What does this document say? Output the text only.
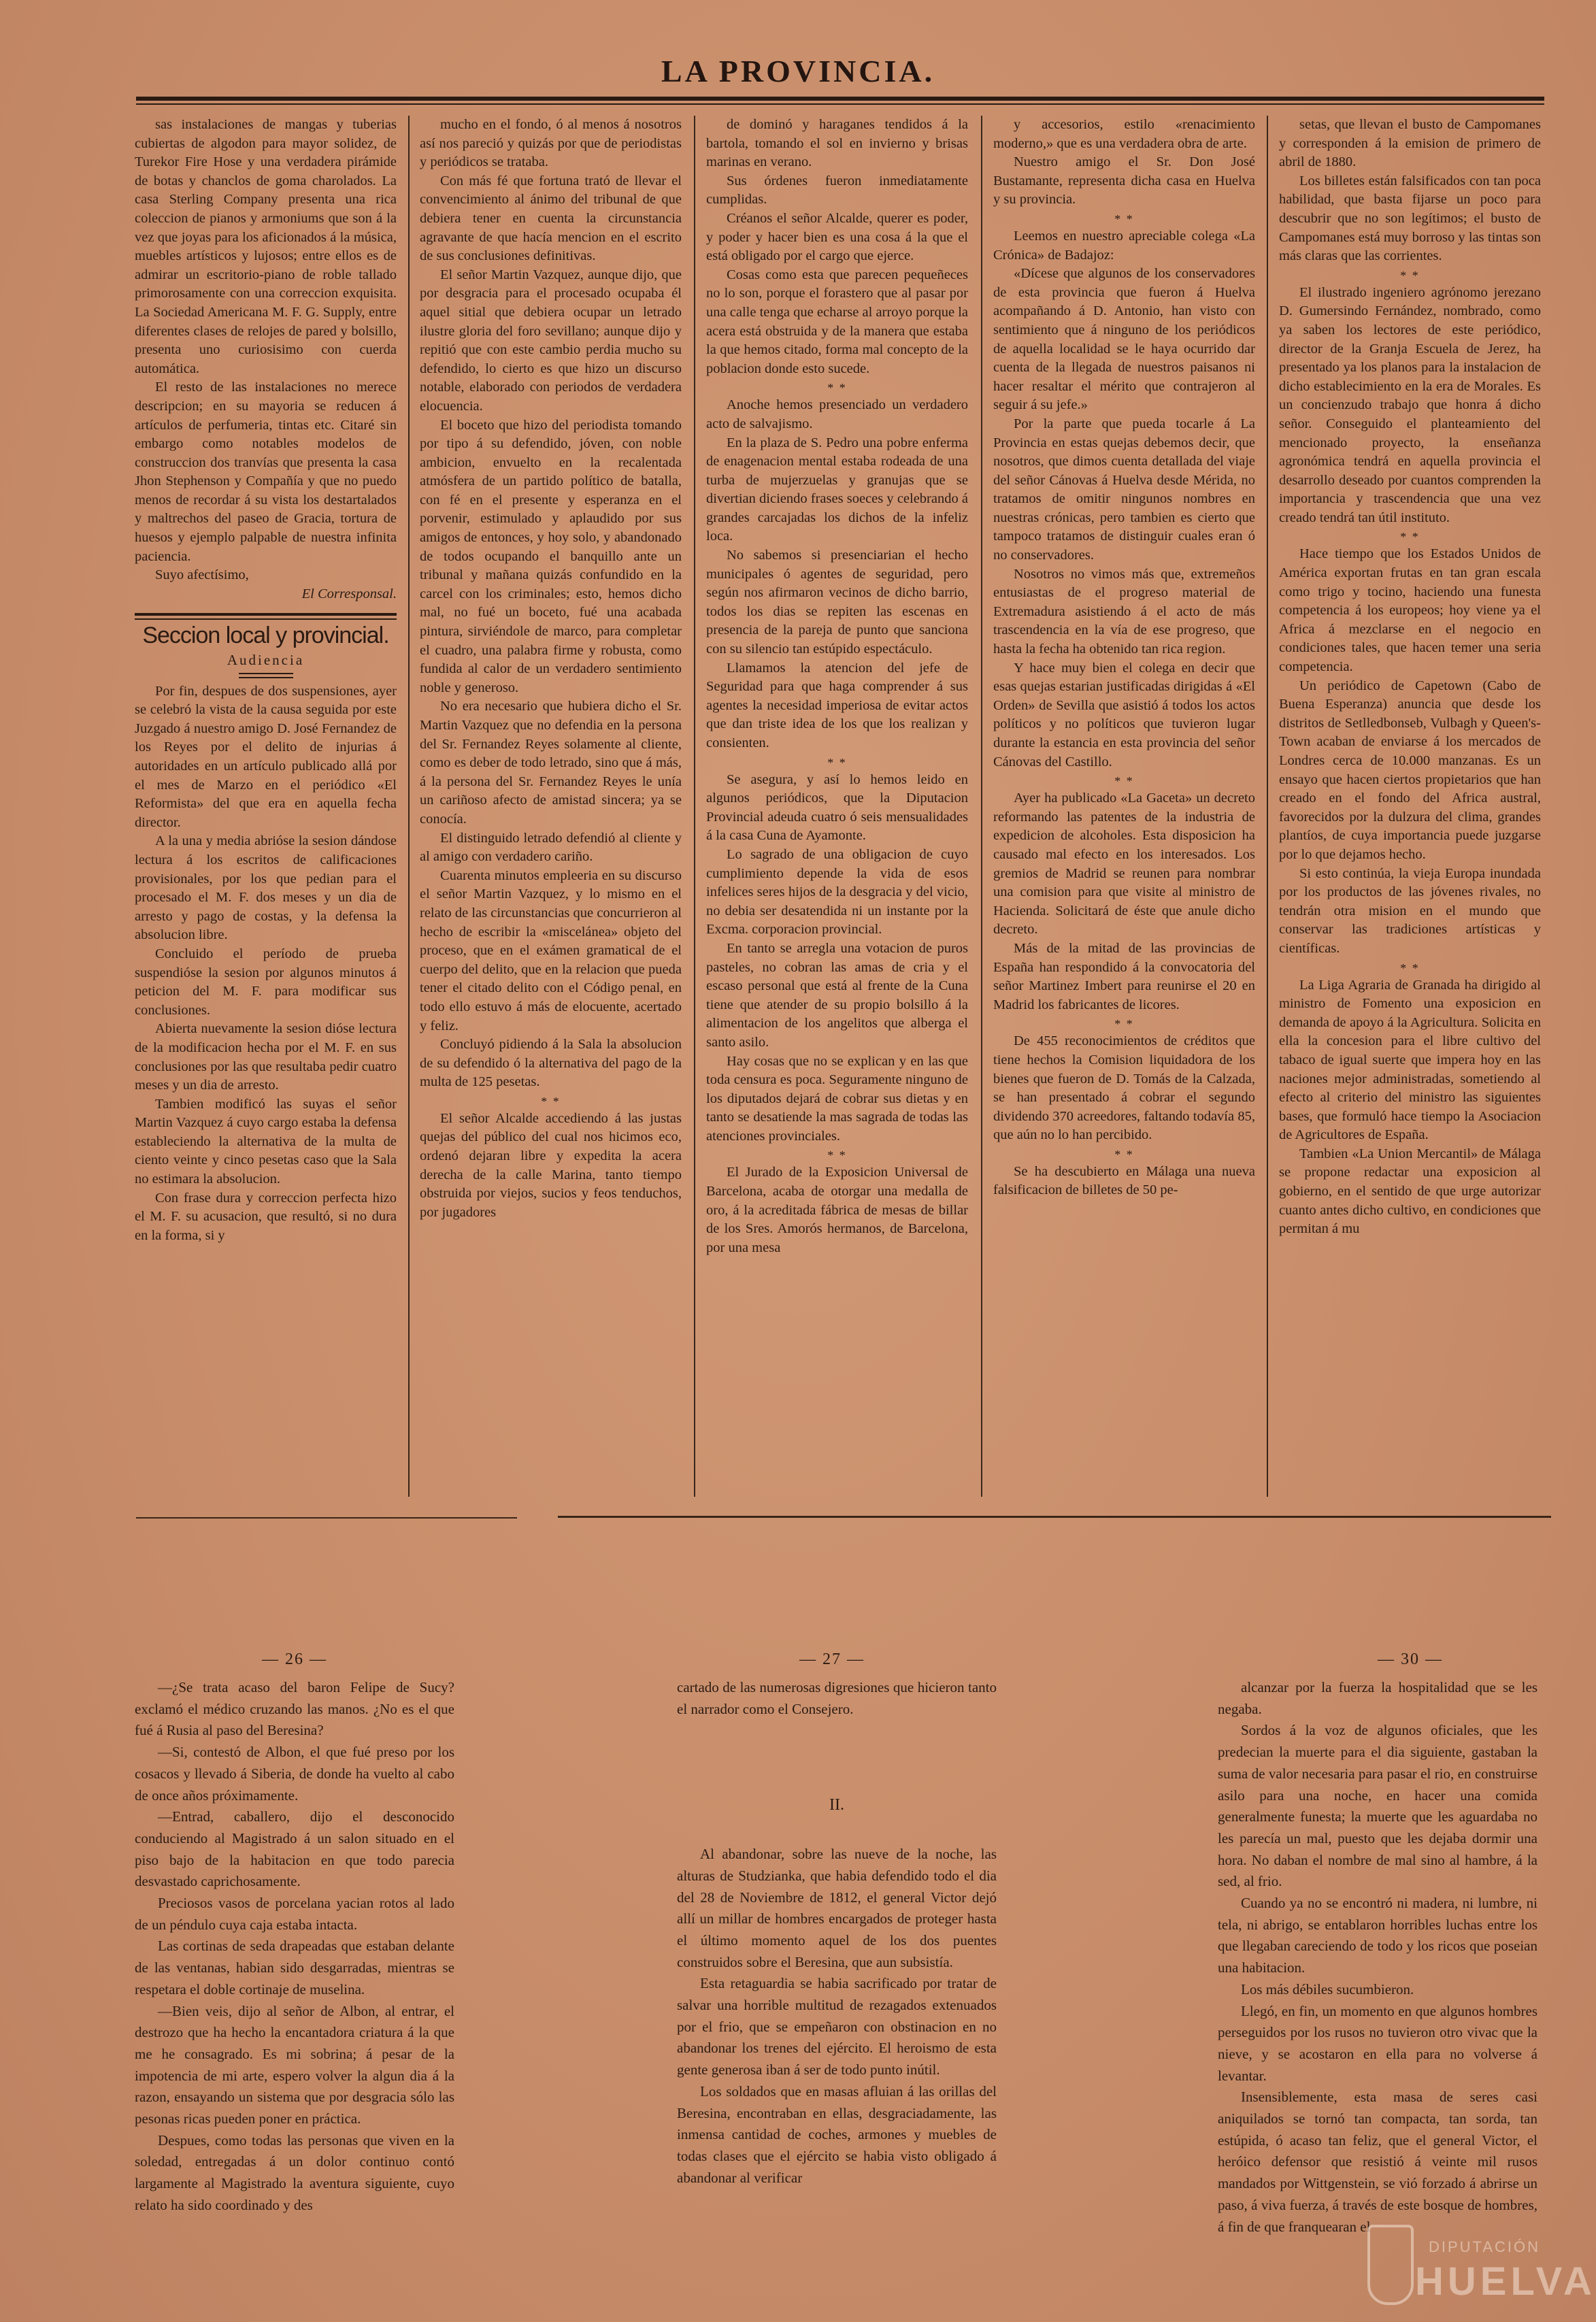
LA PROVINCIA.

sas instalaciones de mangas y tuberias cubiertas de algodon para mayor solidez, de Turekor Fire Hose y una verdadera pirámide de botas y chanclos de goma charolados. La casa Sterling Company presenta una rica coleccion de pianos y armoniums que son á la vez que joyas para los aficionados á la música, muebles artísticos y lujosos; entre ellos es de admirar un escritorio-piano de roble tallado primorosamente con una correccion exquisita. La Sociedad Americana M. F. G. Supply, entre diferentes clases de relojes de pared y bolsillo, presenta uno curiosisimo con cuerda automática.

El resto de las instalaciones no merece descripcion; en su mayoria se reducen á artículos de perfumeria, tintas etc. Citaré sin embargo como notables modelos de construccion dos tranvías que presenta la casa Jhon Stephenson y Compañía y que no puedo menos de recordar á su vista los destartalados y maltrechos del paseo de Gracia, tortura de huesos y ejemplo palpable de nuestra infinita paciencia.

Suyo afectísimo,

El Corresponsal.

Seccion local y provincial.

Audiencia

Por fin, despues de dos suspensiones, ayer se celebró la vista de la causa seguida por este Juzgado á nuestro amigo D. José Fernandez de los Reyes por el delito de injurias á autoridades en un artículo publicado allá por el mes de Marzo en el periódico «El Reformista» del que era en aquella fecha director.

A la una y media abrióse la sesion dándose lectura á los escritos de calificaciones provisionales, por los que pedian para el procesado el M. F. dos meses y un dia de arresto y pago de costas, y la defensa la absolucion libre.

Concluido el período de prueba suspendióse la sesion por algunos minutos á peticion del M. F. para modificar sus conclusiones.

Abierta nuevamente la sesion dióse lectura de la modificacion hecha por el M. F. en sus conclusiones por las que resultaba pedir cuatro meses y un dia de arresto.

Tambien modificó las suyas el señor Martin Vazquez á cuyo cargo estaba la defensa estableciendo la alternativa de la multa de ciento veinte y cinco pesetas caso que la Sala no estimara la absolucion.

Con frase dura y correccion perfecta hizo el M. F. su acusacion, que resultó, si no dura en la forma, si y

mucho en el fondo, ó al menos á nosotros así nos pareció y quizás por que de periodistas y periódicos se trataba.

Con más fé que fortuna trató de llevar el convencimiento al ánimo del tribunal de que debiera tener en cuenta la circunstancia agravante de que hacía mencion en el escrito de sus conclusiones definitivas.

El señor Martin Vazquez, aunque dijo, que por desgracia para el procesado ocupaba él aquel sitial que debiera ocupar un letrado ilustre gloria del foro sevillano; aunque dijo y repitió que con este cambio perdia mucho su defendido, lo cierto es que hizo un discurso notable, elaborado con periodos de verdadera elocuencia.

El boceto que hizo del periodista tomando por tipo á su defendido, jóven, con noble ambicion, envuelto en la recalentada atmósfera de un partido político de batalla, con fé en el presente y esperanza en el porvenir, estimulado y aplaudido por sus amigos de entonces, y hoy solo, y abandonado de todos ocupando el banquillo ante un tribunal y mañana quizás confundido en la carcel con los criminales; esto, hemos dicho mal, no fué un boceto, fué una acabada pintura, sirviéndole de marco, para completar el cuadro, una palabra firme y robusta, como fundida al calor de un verdadero sentimiento noble y generoso.

No era necesario que hubiera dicho el Sr. Martin Vazquez que no defendia en la persona del Sr. Fernandez Reyes solamente al cliente, como es deber de todo letrado, sino que á más, á la persona del Sr. Fernandez Reyes le unía un cariñoso afecto de amistad sincera; ya se conocía.

El distinguido letrado defendió al cliente y al amigo con verdadero cariño.

Cuarenta minutos empleeria en su discurso el señor Martin Vazquez, y lo mismo en el relato de las circunstancias que concurrieron al hecho de escribir la «miscelánea» objeto del proceso, que en el exámen gramatical de el cuerpo del delito, que en la relacion que pueda tener el citado delito con el Código penal, en todo ello estuvo á más de elocuente, acertado y feliz.

Concluyó pidiendo á la Sala la absolucion de su defendido ó la alternativa del pago de la multa de 125 pesetas.

* *

El señor Alcalde accediendo á las justas quejas del público del cual nos hicimos eco, ordenó dejaran libre y expedita la acera derecha de la calle Marina, tanto tiempo obstruida por viejos, sucios y feos tenduchos, por jugadores

de dominó y haraganes tendidos á la bartola, tomando el sol en invierno y brisas marinas en verano.

Sus órdenes fueron inmediatamente cumplidas.

Créanos el señor Alcalde, querer es poder, y poder y hacer bien es una cosa á la que el está obligado por el cargo que ejerce.

Cosas como esta que parecen pequeñeces no lo son, porque el forastero que al pasar por una calle tenga que echarse al arroyo porque la acera está obstruida y de la manera que estaba la que hemos citado, forma mal concepto de la poblacion donde esto sucede.

* *

Anoche hemos presenciado un verdadero acto de salvajismo.

En la plaza de S. Pedro una pobre enferma de enagenacion mental estaba rodeada de una turba de mujerzuelas y granujas que se divertian diciendo frases soeces y celebrando á grandes carcajadas los dichos de la infeliz loca.

No sabemos si presenciarian el hecho municipales ó agentes de seguridad, pero según nos afirmaron vecinos de dicho barrio, todos los dias se repiten las escenas en presencia de la pareja de punto que sanciona con su silencio tan estúpido espectáculo.

Llamamos la atencion del jefe de Seguridad para que haga comprender á sus agentes la necesidad imperiosa de evitar actos que dan triste idea de los que los realizan y consienten.

* *

Se asegura, y así lo hemos leido en algunos periódicos, que la Diputacion Provincial adeuda cuatro ó seis mensualidades á la casa Cuna de Ayamonte.

Lo sagrado de una obligacion de cuyo cumplimiento depende la vida de esos infelices seres hijos de la desgracia y del vicio, no debia ser desatendida ni un instante por la Excma. corporacion provincial.

En tanto se arregla una votacion de puros pasteles, no cobran las amas de cria y el escaso personal que está al frente de la Cuna tiene que atender de su propio bolsillo á la alimentacion de los angelitos que alberga el santo asilo.

Hay cosas que no se explican y en las que toda censura es poca. Seguramente ninguno de los diputados dejará de cobrar sus dietas y en tanto se desatiende la mas sagrada de todas las atenciones provinciales.

* *

El Jurado de la Exposicion Universal de Barcelona, acaba de otorgar una medalla de oro, á la acreditada fábrica de mesas de billar de los Sres. Amorós hermanos, de Barcelona, por una mesa

y accesorios, estilo «renacimiento moderno,» que es una verdadera obra de arte.

Nuestro amigo el Sr. Don José Bustamante, representa dicha casa en Huelva y su provincia.

* *

Leemos en nuestro apreciable colega «La Crónica» de Badajoz:

«Dícese que algunos de los conservadores de esta provincia que fueron á Huelva acompañando á D. Antonio, han visto con sentimiento que á ninguno de los periódicos de aquella localidad se le haya ocurrido dar cuenta de la llegada de nuestros paisanos ni hacer resaltar el mérito que contrajeron al seguir á su jefe.»

Por la parte que pueda tocarle á La Provincia en estas quejas debemos decir, que nosotros, que dimos cuenta detallada del viaje del señor Cánovas á Huelva desde Mérida, no tratamos de omitir ningunos nombres en nuestras crónicas, pero tambien es cierto que tampoco tratamos de distinguir cuales eran ó no conservadores.

Nosotros no vimos más que, extremeños entusiastas de el progreso material de Extremadura asistiendo á el acto de más trascendencia en la vía de ese progreso, que hasta la fecha ha obtenido tan rica region.

Y hace muy bien el colega en decir que esas quejas estarian justificadas dirigidas á «El Orden» de Sevilla que asistió á todos los actos políticos y no políticos que tuvieron lugar durante la estancia en esta provincia del señor Cánovas del Castillo.

* *

Ayer ha publicado «La Gaceta» un decreto reformando las patentes de la industria de expedicion de alcoholes. Esta disposicion ha causado mal efecto en los interesados. Los gremios de Madrid se reunen para nombrar una comision para que visite al ministro de Hacienda. Solicitará de éste que anule dicho decreto.

Más de la mitad de las provincias de España han respondido á la convocatoria del señor Martinez Imbert para reunirse el 20 en Madrid los fabricantes de licores.

* *

De 455 reconocimientos de créditos que tiene hechos la Comision liquidadora de los bienes que fueron de D. Tomás de la Calzada, se han presentado á cobrar el segundo dividendo 370 acreedores, faltando todavía 85, que aún no lo han percibido.

* *

Se ha descubierto en Málaga una nueva falsificacion de billetes de 50 pe-

setas, que llevan el busto de Campomanes y corresponden á la emision de primero de abril de 1880.

Los billetes están falsificados con tan poca habilidad, que basta fijarse un poco para descubrir que no son legítimos; el busto de Campomanes está muy borroso y las tintas son más claras que las corrientes.

* *

El ilustrado ingeniero agrónomo jerezano D. Gumersindo Fernández, nombrado, como ya saben los lectores de este periódico, director de la Granja Escuela de Jerez, ha presentado ya los planos para la instalacion de dicho establecimiento en la era de Morales. Es un concienzudo trabajo que honra á dicho señor. Conseguido el planteamiento del mencionado proyecto, la enseñanza agronómica tendrá en aquella provincia el desarrollo deseado por cuantos comprenden la importancia y trascendencia que una vez creado tendrá tan útil instituto.

* *

Hace tiempo que los Estados Unidos de América exportan frutas en tan gran escala como trigo y tocino, haciendo una funesta competencia á los europeos; hoy viene ya el Africa á mezclarse en el negocio en condiciones tales, que hacen temer una seria competencia.

Un periódico de Capetown (Cabo de Buena Esperanza) anuncia que desde los distritos de Setlledbonseb, Vulbagh y Queen's-Town acaban de enviarse á los mercados de Londres cerca de 10.000 manzanas. Es un ensayo que hacen ciertos propietarios que han creado en el fondo del Africa austral, favorecidos por la dulzura del clima, grandes plantíos, de cuya importancia puede juzgarse por lo que dejamos hecho.

Si esto continúa, la vieja Europa inundada por los productos de las jóvenes rivales, no tendrán otra mision en el mundo que conservar las tradiciones artísticas y científicas.

* *

La Liga Agraria de Granada ha dirigido al ministro de Fomento una exposicion en demanda de apoyo á la Agricultura. Solicita en ella la concesion para el libre cultivo del tabaco de igual suerte que impera hoy en las naciones mejor administradas, sometiendo al efecto al criterio del ministro las siguientes bases, que formuló hace tiempo la Asociacion de Agricultores de España.

Tambien «La Union Mercantil» de Málaga se propone redactar una exposicion al gobierno, en el sentido de que urge autorizar cuanto antes dicho cultivo, en condiciones que permitan á mu

— 26 —	— 27 —	— 30 —

—¿Se trata acaso del baron Felipe de Sucy? exclamó el médico cruzando las manos. ¿No es el que fué á Rusia al paso del Beresina?

—Si, contestó de Albon, el que fué preso por los cosacos y llevado á Siberia, de donde ha vuelto al cabo de once años próximamente.

—Entrad, caballero, dijo el desconocido conduciendo al Magistrado á un salon situado en el piso bajo de la habitacion en que todo parecia desvastado caprichosamente.

Preciosos vasos de porcelana yacian rotos al lado de un péndulo cuya caja estaba intacta.

Las cortinas de seda drapeadas que estaban delante de las ventanas, habian sido desgarradas, mientras se respetara el doble cortinaje de muselina.

—Bien veis, dijo al señor de Albon, al entrar, el destrozo que ha hecho la encantadora criatura á la que me he consagrado. Es mi sobrina; á pesar de la impotencia de mi arte, espero volver la algun dia á la razon, ensayando un sistema que por desgracia sólo las pesonas ricas pueden poner en práctica.

Despues, como todas las personas que viven en la soledad, entregadas á un dolor continuo contó largamente al Magistrado la aventura siguiente, cuyo relato ha sido coordinado y des

cartado de las numerosas digresiones que hicieron tanto el narrador como el Consejero.

II.

Al abandonar, sobre las nueve de la noche, las alturas de Studzianka, que habia defendido todo el dia del 28 de Noviembre de 1812, el general Victor dejó allí un millar de hombres encargados de proteger hasta el último momento aquel de los dos puentes construidos sobre el Beresina, que aun subsistía.

Esta retaguardia se habia sacrificado por tratar de salvar una horrible multitud de rezagados extenuados por el frio, que se empeñaron con obstinacion en no abandonar los trenes del ejército. El heroismo de esta gente generosa iban á ser de todo punto inútil.

Los soldados que en masas afluian á las orillas del Beresina, encontraban en ellas, desgraciadamente, las inmensa cantidad de coches, armones y muebles de todas clases que el ejército se habia visto obligado á abandonar al verificar

alcanzar por la fuerza la hospitalidad que se les negaba.

Sordos á la voz de algunos oficiales, que les predecian la muerte para el dia siguiente, gastaban la suma de valor necesaria para pasar el rio, en construirse asilo para una noche, en hacer una comida generalmente funesta; la muerte que les aguardaba no les parecía un mal, puesto que les dejaba dormir una hora. No daban el nombre de mal sino al hambre, á la sed, al frio.

Cuando ya no se encontró ni madera, ni lumbre, ni tela, ni abrigo, se entablaron horribles luchas entre los que llegaban careciendo de todo y los ricos que poseian una habitacion.

Los más débiles sucumbieron.

Llegó, en fin, un momento en que algunos hombres perseguidos por los rusos no tuvieron otro vivac que la nieve, y se acostaron en ella para no volverse á levantar.

Insensiblemente, esta masa de seres casi aniquilados se tornó tan compacta, tan sorda, tan estúpida, ó acaso tan feliz, que el general Victor, el heróico defensor que resistió á veinte mil rusos mandados por Wittgenstein, se vió forzado á abrirse un paso, á viva fuerza, á través de este bosque de hombres, á fin de que franquearan el

DIPUTACIÓN
HUELVA
